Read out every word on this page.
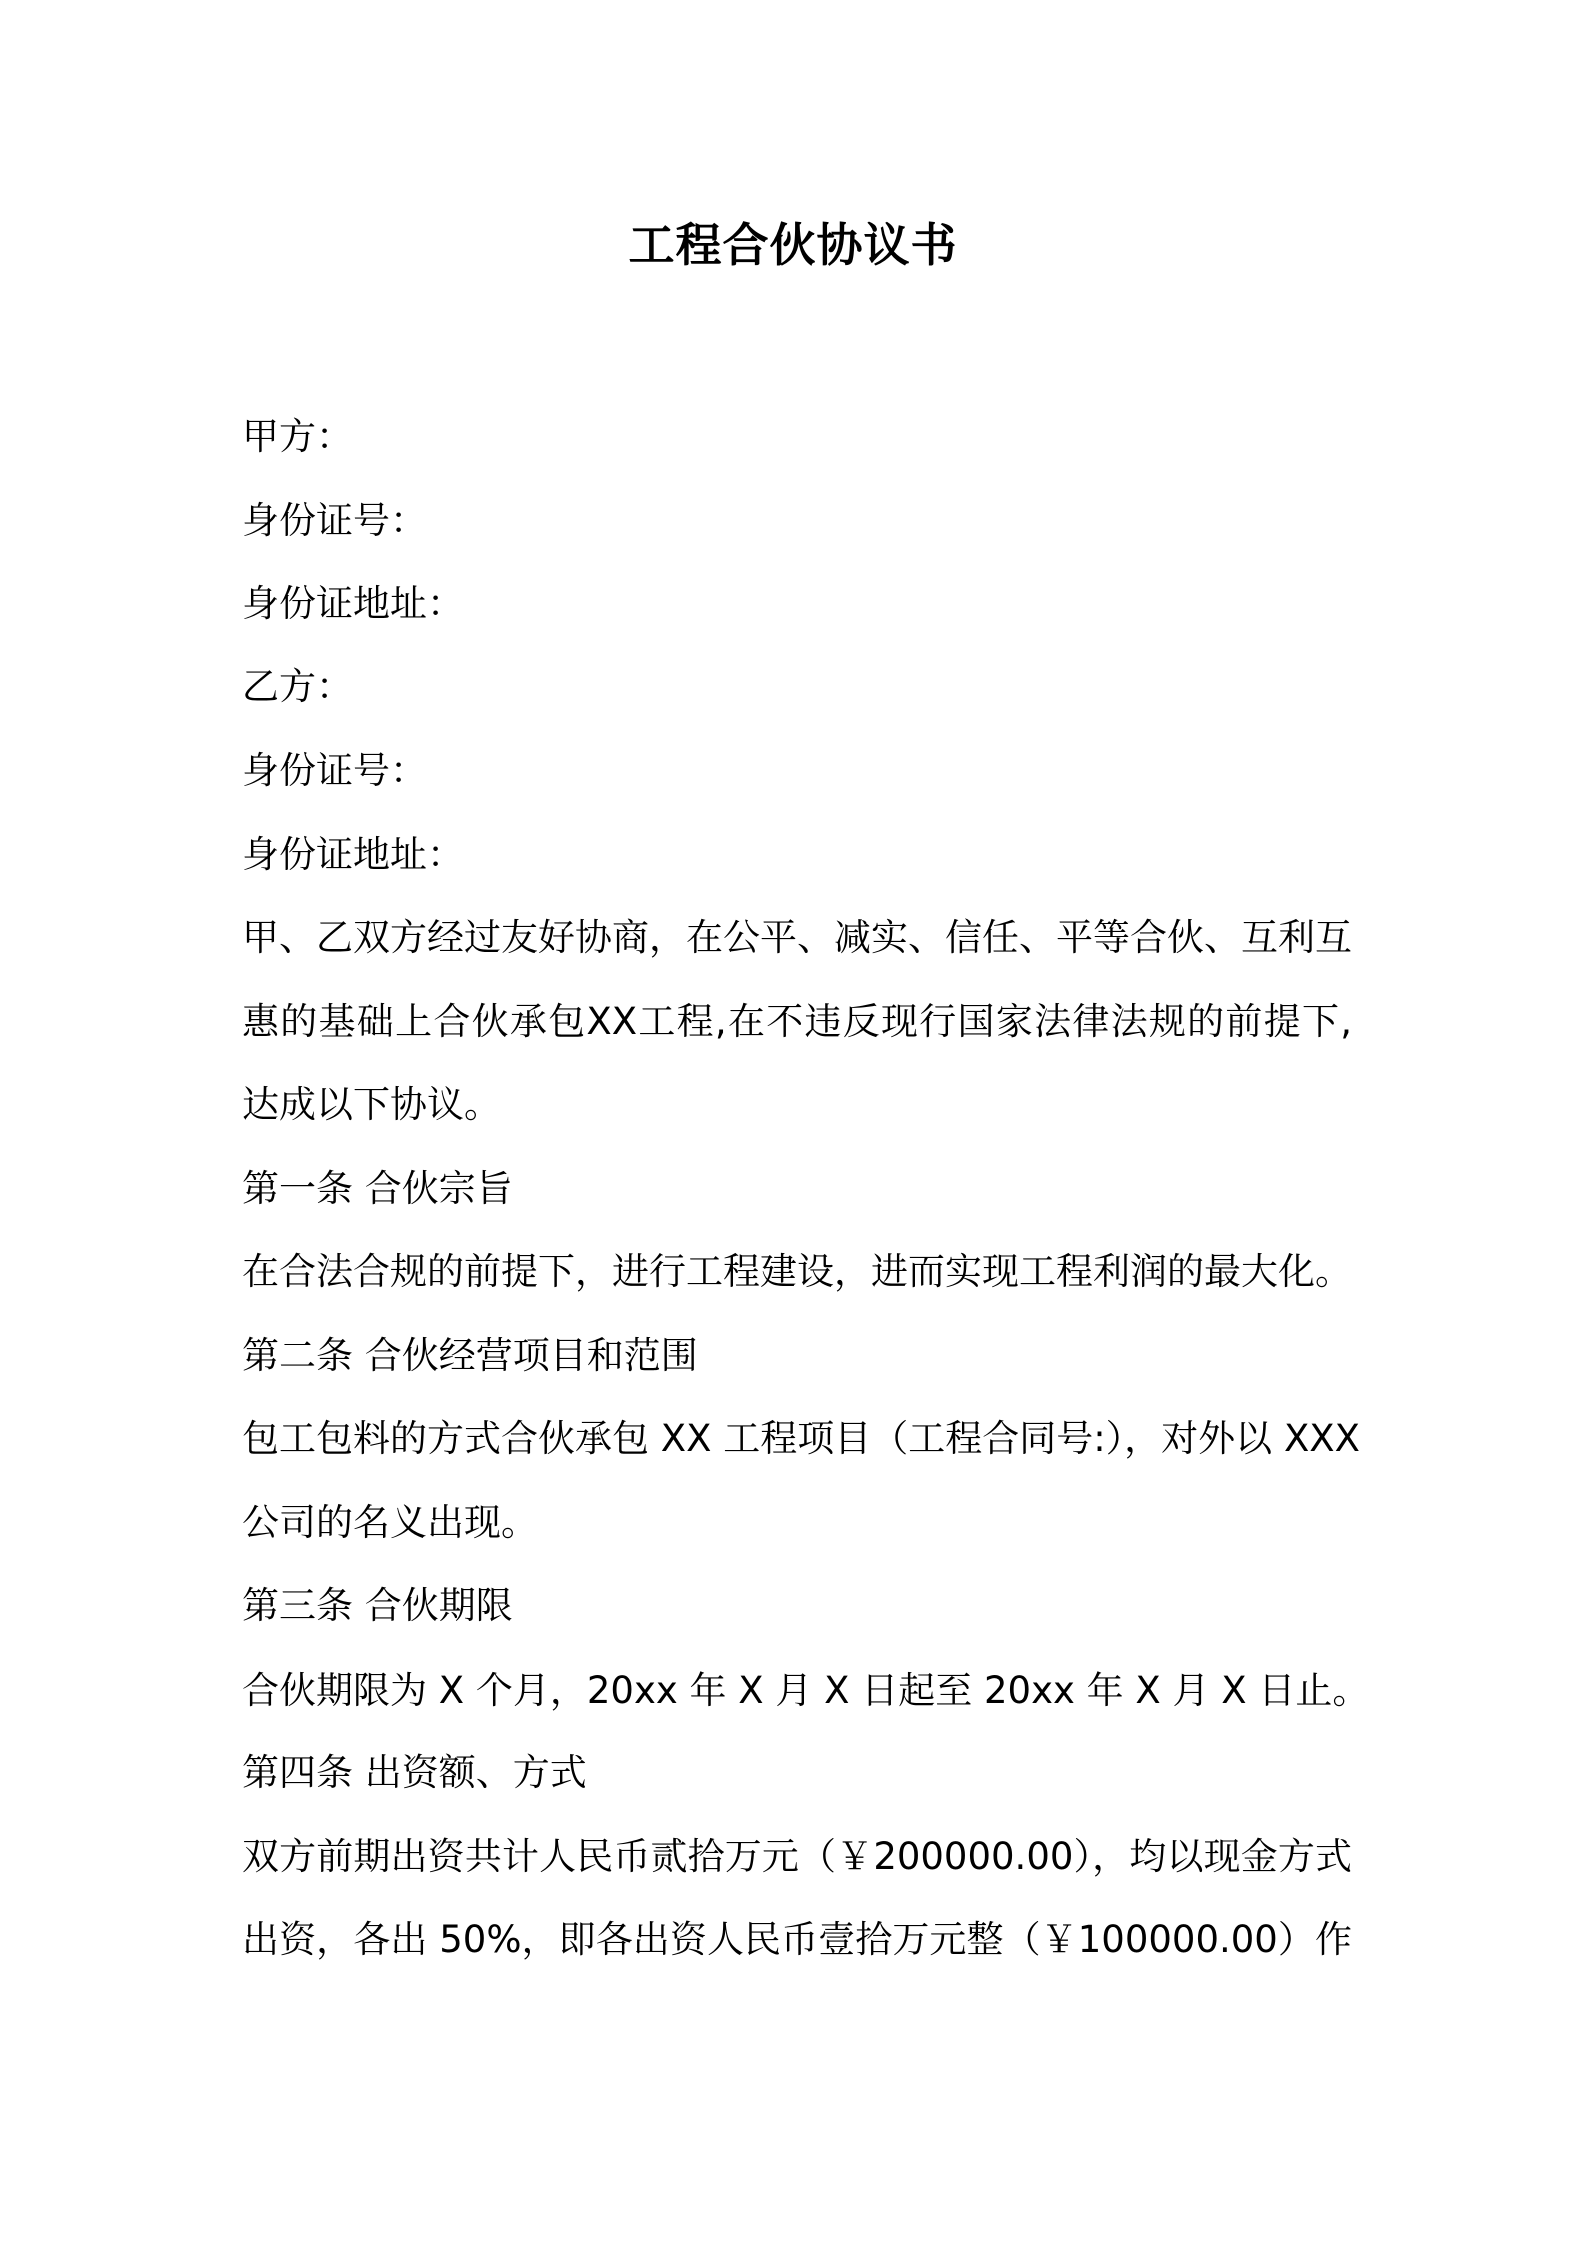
工程合伙协议书
甲方：
身份证号：
身份证地址：
乙方：
身份证号：
身份证地址：
甲、乙双方经过友好协商，在公平、减实、信任、平等合伙、互利互
惠的基础上合伙承包XX工程,在不违反现行国家法律法规的前提下,
达成以下协议。
第一条 合伙宗旨
在合法合规的前提下，进行工程建设，进而实现工程利润的最大化。
第二条 合伙经营项目和范围
包工包料的方式合伙承包 XX 工程项目（工程合同号:），对外以 XXX
公司的名义出现。
第三条 合伙期限
合伙期限为 X 个月，20xx 年 X 月 X 日起至 20xx 年 X 月 X 日止。
第四条 出资额、方式
双方前期出资共计人民币贰拾万元（￥200000.00），均以现金方式
出资，各出 50%，即各出资人民币壹拾万元整（￥100000.00）作
